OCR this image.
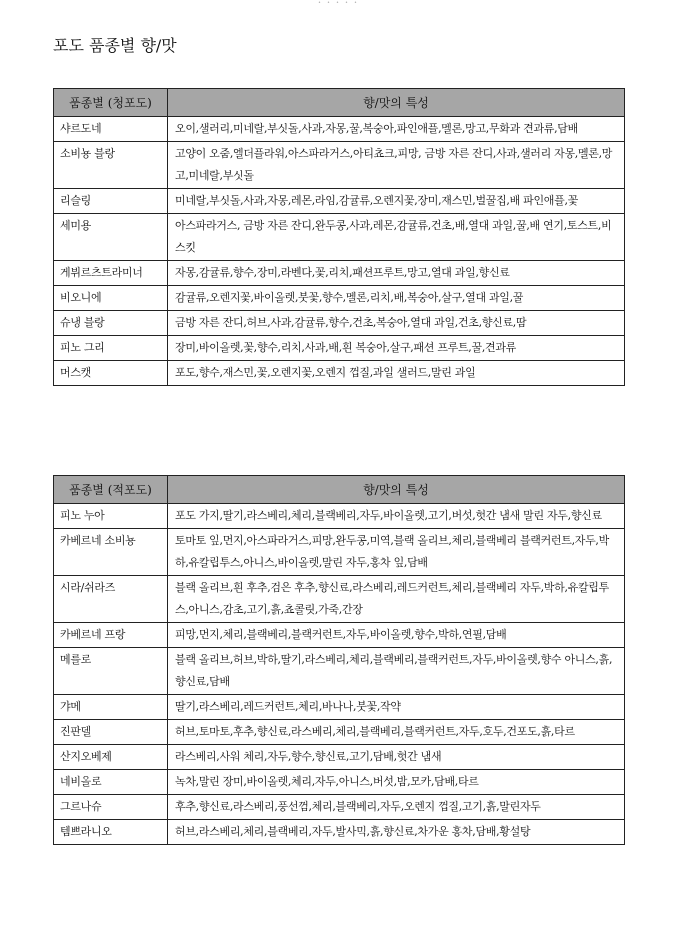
· · · · ·
포도 품종별 향/맛
품종별 (청포도)	향/맛의 특성
샤르도네	오이,샐러리,미네랄,부싯돌,사과,자몽,꿀,복숭아,파인애플,멜론,망고,무화과 견과류,담배
소비뇽 블랑	고양이 오줌,엘더플라워,아스파라거스,아티쵸크,피망, 금방 자른 잔디,사과,샐러리 자몽,멜론,망고,미네랄,부싯돌
리슬링	미네랄,부싯돌,사과,자몽,레몬,라임,감귤류,오렌지꽃,장미,재스민,벌꿀집,배 파인애플,꽃
세미용	아스파라거스, 금방 자른 잔디,완두콩,사과,레몬,감귤류,건초,배,열대 과일,꿀,배 연기,토스트,비스킷
게뷔르츠트라미너	자몽,감귤류,향수,장미,라벤다,꽃,리치,패션프루트,망고,열대 과일,향신료
비오니에	감귤류,오렌지꽃,바이올렛,붓꽃,향수,멜론,리치,배,복숭아,살구,열대 과일,꿀
슈냉 블랑	금방 자른 잔디,허브,사과,감귤류,향수,건초,복숭아,열대 과일,건초,향신료,땀
피노 그리	장미,바이올렛,꽃,향수,리치,사과,배,흰 복숭아,살구,패션 프루트,꿀,견과류
머스캣	포도,향수,재스민,꽃,오렌지꽃,오렌지 껍질,과일 샐러드,말린 과일
품종별 (적포도)	향/맛의 특성
피노 누아	포도 가지,딸기,라스베리,체리,블랙베리,자두,바이올렛,고기,버섯,헛간 냄새 말린 자두,향신료
카베르네 소비뇽	토마토 잎,먼지,아스파라거스,피망,완두콩,미역,블랙 올리브,체리,블랙베리 블랙커런트,자두,박하,유칼립투스,아니스,바이올렛,말린 자두,홍차 잎,담배
시라/쉬라즈	블랙 올리브,흰 후추,검은 후추,향신료,라스베리,레드커런트,체리,블랙베리 자두,박하,유칼립투스,아니스,감초,고기,흙,쵸콜릿,가죽,간장
카베르네 프랑	피망,먼지,체리,블랙베리,블랙커런트,자두,바이올렛,향수,박하,연필,담배
메를로	블랙 올리브,허브,박하,딸기,라스베리,체리,블랙베리,블랙커런트,자두,바이올렛,향수 아니스,흙,향신료,담배
갸메	딸기,라스베리,레드커런트,체리,바나나,붓꽃,작약
진판델	허브,토마토,후추,향신료,라스베리,체리,블랙베리,블랙커런트,자두,호두,건포도,흙,타르
산지오베제	라스베리,사워 체리,자두,향수,향신료,고기,담배,헛간 냄새
네비올로	녹차,말린 장미,바이올렛,체리,자두,아니스,버섯,밤,모카,담배,타르
그르나슈	후추,향신료,라스베리,풍선껌,체리,블랙베리,자두,오렌지 껍질,고기,흙,말린자두
템쁘라니오	허브,라스베리,체리,블랙베리,자두,발사믹,흙,향신료,차가운 홍차,담배,황설탕
